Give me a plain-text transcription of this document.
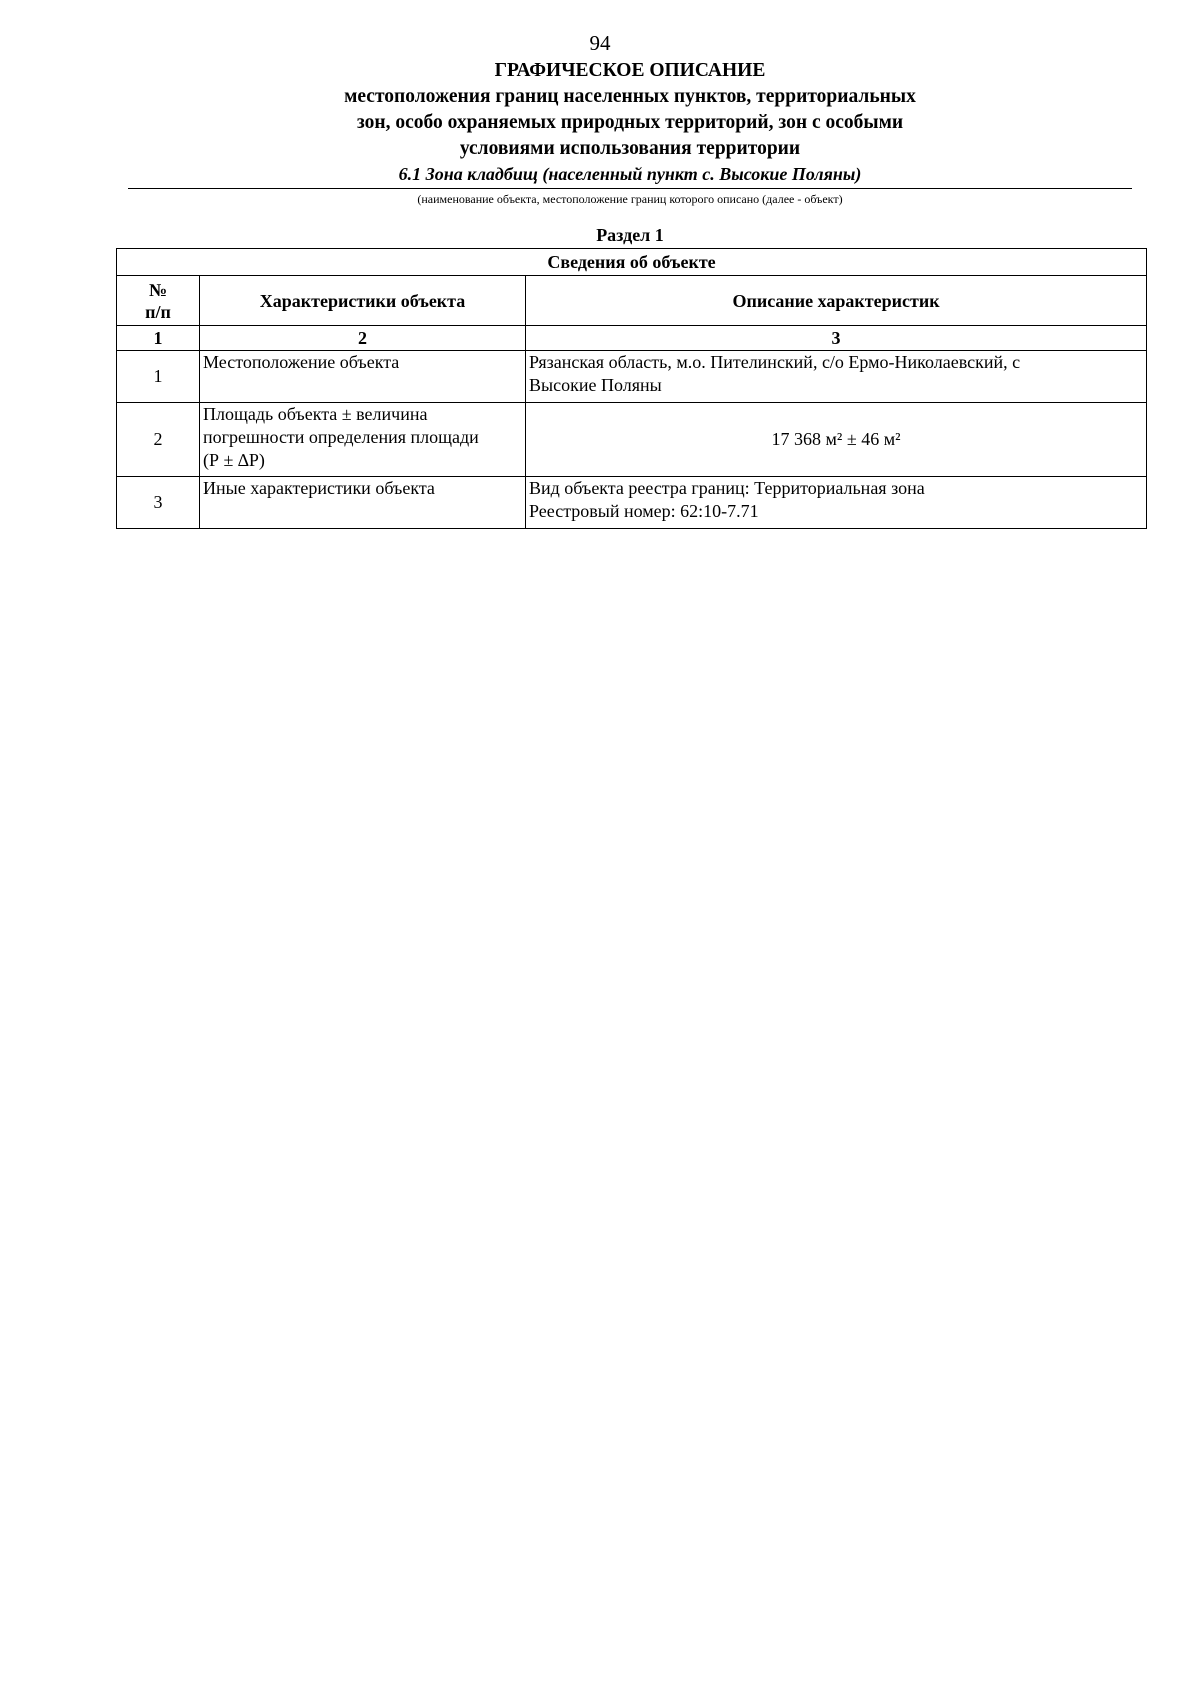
94
ГРАФИЧЕСКОЕ ОПИСАНИЕ
местоположения границ населенных пунктов, территориальных
зон, особо охраняемых природных территорий, зон с особыми
условиями использования территории
6.1 Зона кладбищ (населенный пункт с. Высокие Поляны)
(наименование объекта, местоположение границ которого описано (далее - объект)
Раздел 1
Сведения об объекте		

№
п/п	Характеристики объекта	Описание характеристик
1	2	3
1	Местоположение объекта	Рязанская область, м.о. Пителинский, с/о Ермо-Николаевский, с
Высокие Поляны

2	Площадь объекта ± величина
погрешности определения площади
(Р ± ∆Р)	17 368 м² ± 46 м²
3	Иные характеристики объекта	Вид объекта реестра границ: Территориальная зона
Реестровый номер: 62:10-7.71
